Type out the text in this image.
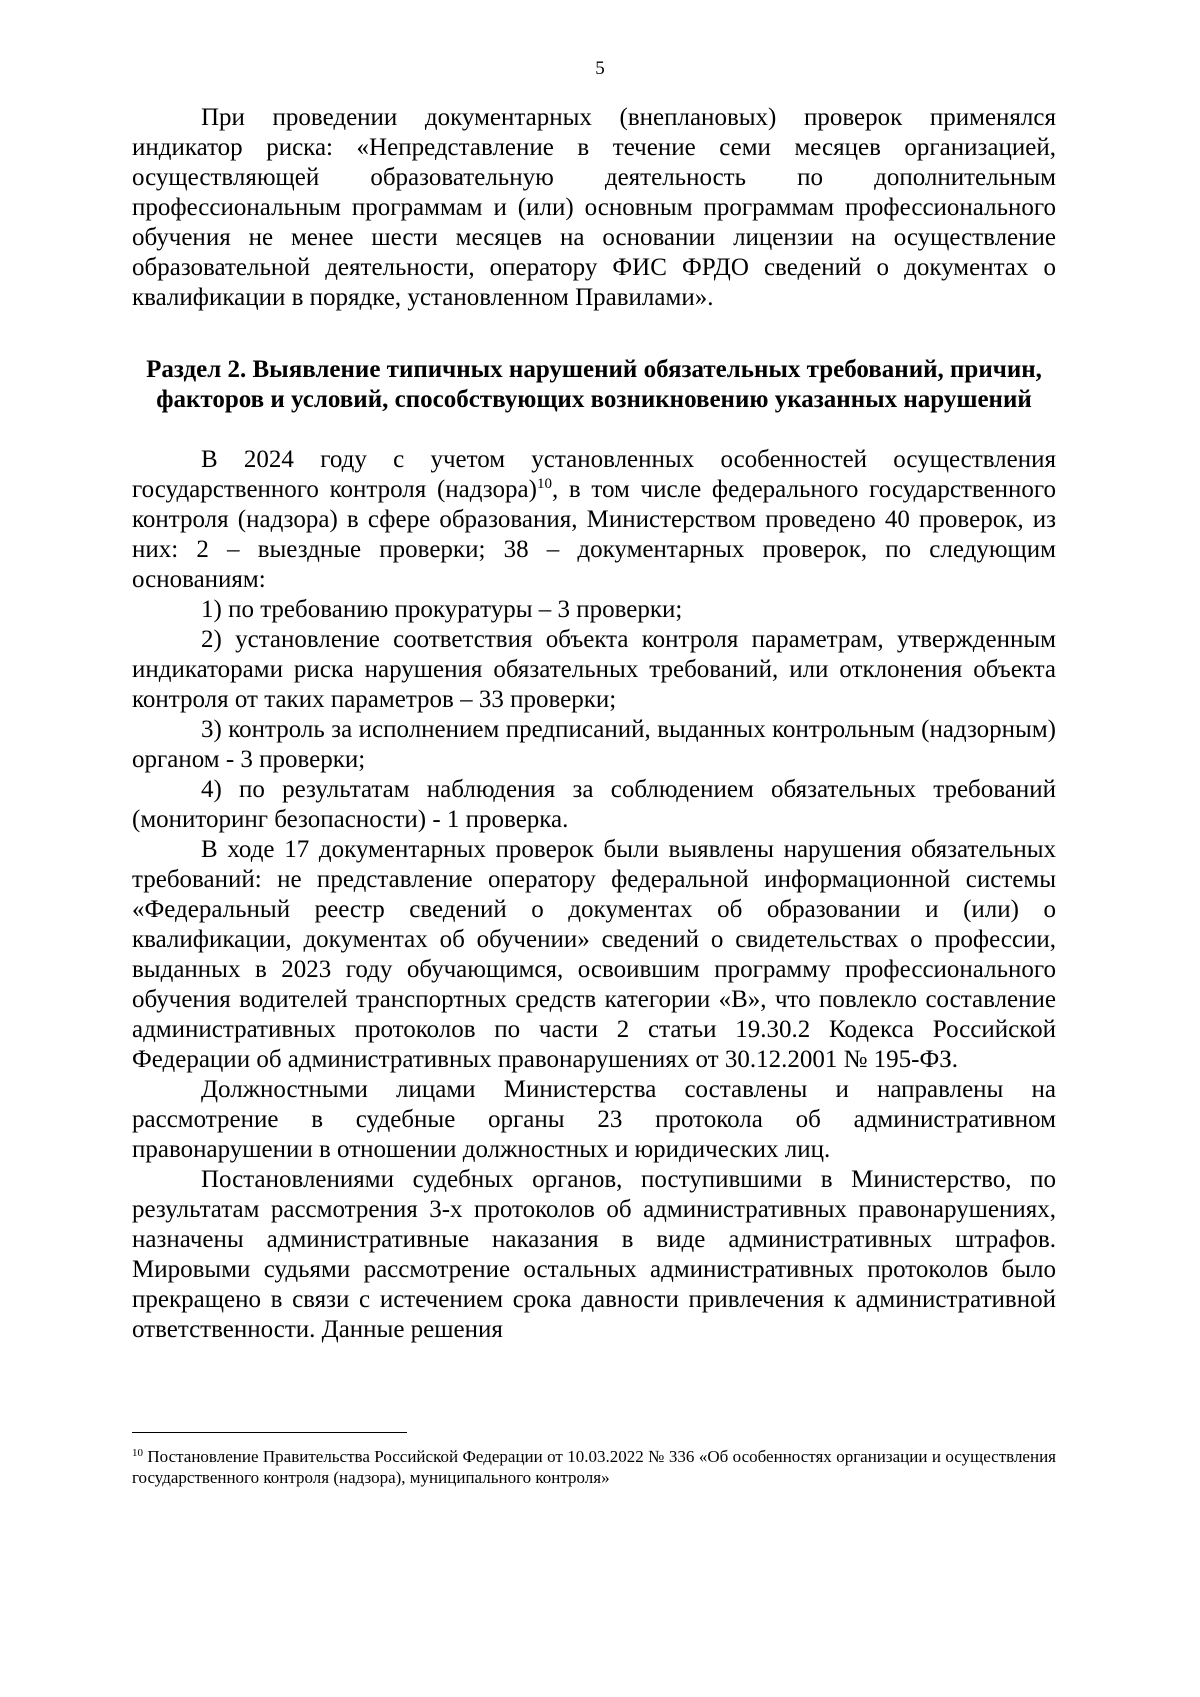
5

При проведении документарных (внеплановых) проверок применялся индикатор риска: «Непредставление в течение семи месяцев организацией, осуществляющей образовательную деятельность по дополнительным профессиональным программам и (или) основным программам профессионального обучения не менее шести месяцев на основании лицензии на осуществление образовательной деятельности, оператору ФИС ФРДО сведений о документах о квалификации в порядке, установленном Правилами».

Раздел 2. Выявление типичных нарушений обязательных требований, причин, факторов и условий, способствующих возникновению указанных нарушений

В 2024 году с учетом установленных особенностей осуществления государственного контроля (надзора)$^{10}$, в том числе федерального государственного контроля (надзора) в сфере образования, Министерством проведено 40 проверок, из них: 2 – выездные проверки; 38 – документарных проверок, по следующим основаниям:

1) по требованию прокуратуры – 3 проверки;

2) установление соответствия объекта контроля параметрам, утвержденным индикаторами риска нарушения обязательных требований, или отклонения объекта контроля от таких параметров – 33 проверки;

3) контроль за исполнением предписаний, выданных контрольным (надзорным) органом - 3 проверки;

4) по результатам наблюдения за соблюдением обязательных требований (мониторинг безопасности) - 1 проверка.

В ходе 17 документарных проверок были выявлены нарушения обязательных требований: не представление оператору федеральной информационной системы «Федеральный реестр сведений о документах об образовании и (или) о квалификации, документах об обучении» сведений о свидетельствах о профессии, выданных в 2023 году обучающимся, освоившим программу профессионального обучения водителей транспортных средств категории «В», что повлекло составление административных протоколов по части 2 статьи 19.30.2 Кодекса Российской Федерации об административных правонарушениях от 30.12.2001 № 195-ФЗ.

Должностными лицами Министерства составлены и направлены на рассмотрение в судебные органы 23 протокола об административном правонарушении в отношении должностных и юридических лиц.

Постановлениями судебных органов, поступившими в Министерство, по результатам рассмотрения 3-х протоколов об административных правонарушениях, назначены административные наказания в виде административных штрафов. Мировыми судьями рассмотрение остальных административных протоколов было прекращено в связи с истечением срока давности привлечения к административной ответственности. Данные решения

$^{10}$ Постановление Правительства Российской Федерации от 10.03.2022 № 336 «Об особенностях организации и осуществления государственного контроля (надзора), муниципального контроля»
